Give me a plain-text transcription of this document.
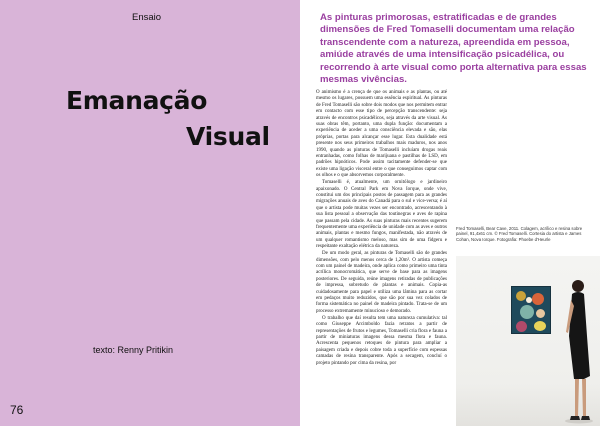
Ensaio
Emanação
Visual
texto: Renny Pritikin
76
As pinturas primorosas, estratificadas e de grandes dimensões de Fred Tomaselli documentam uma relação transcendente com a natureza, apreendida em pessoa, amiúde através de uma intensificação psicadélica, ou recorrendo à arte visual como porta alternativa para essas mesmas vivências.

O animismo é a crença de que os animais e as plantas, ou até mesmo os lugares, possuem uma essência espiritual. As pinturas de Fred Tomaselli são sobre dois modos que nos permitem entrar em contacto com esse tipo de percepção transcendente: seja através de encontros psicadélicos, seja através da arte visual. As suas obras têm, portanto, uma dupla função: documentam a experiência de aceder a uma consciência elevada e são, elas próprias, portas para alcançar esse lugar. Esta dualidade está presente nos seus primeiros trabalhos mais maduros, nos anos 1990, quando as pinturas de Tomaselli incluíam drogas reais entranhadas, como folhas de marijuana e pastilhas de LSD, em padrões hipnóticos. Pode assim tacitamente defender-se que existe uma ligação visceral entre o que conseguimos captar com os olhos e o que absorvemos corporalmente.

Tomaselli é, atualmente, um ornitólogo e jardineiro apaixonado. O Central Park em Nova Iorque, onde vive, constitui um dos principais postos de passagem para as grandes migrações anuais de aves do Canadá para o sul e vice-versa; é aí que o artista pode muitas vezes ser encontrado, acrescentando à sua lista pessoal a observação das toutinegras e aves de rapina que passam pela cidade. As suas pinturas mais recentes sugerem frequentemente uma experiência de unidade com as aves e outros animais, plantas e mesmo fungos, manifestada, não através de um qualquer romantismo meloso, mas sim de uma fidgeru e respeitante exaltação elétrica da natureza.

De um modo geral, as pinturas de Tomaselli são de grandes dimensões, com pelo menos cerca de 1,20m². O artista começa com um painel de madeira, onde aplica como primeiro uma tinta acrílica monocromática, que serve de base para as imagens posteriores. De seguida, reúne imagens retiradas de publicações de impressa, sobretudo de plantas e animais. Copia-as cuidadosamente para papel e utiliza uma lâmina para as cortar em pedaços muito reduzidos, que são por sua vez colados de forma sistemática no painel de madeira pintado. Trata-se de um processo extremamente minucioso e demorado.

O trabalho que daí resulta tem uma natureza cumulativa: tal como Giuseppe Arcimboldo fazia retratos a partir de representações de frutos e legumes, Tomaselli cria flora e fauna a partir de miniaturas imagens dessa mesma flora e fauna. Acrescenta pequenos retoques de pintura para ampliar a paisagem criada e depois cobre toda a superfície com espessas camadas de resina transparente. Após a secagem, concluí o projeto pintando por cima da resina, por

Fred Tomaselli, Bear Cave, 2011. Colagem, acrílico e resina sobre painel, 91,4x61 cm. © Fred Tomaselli. Cortesia do artista e James Cohan, Nova Iorque. Fotografia: Phoebe d'Heurle
